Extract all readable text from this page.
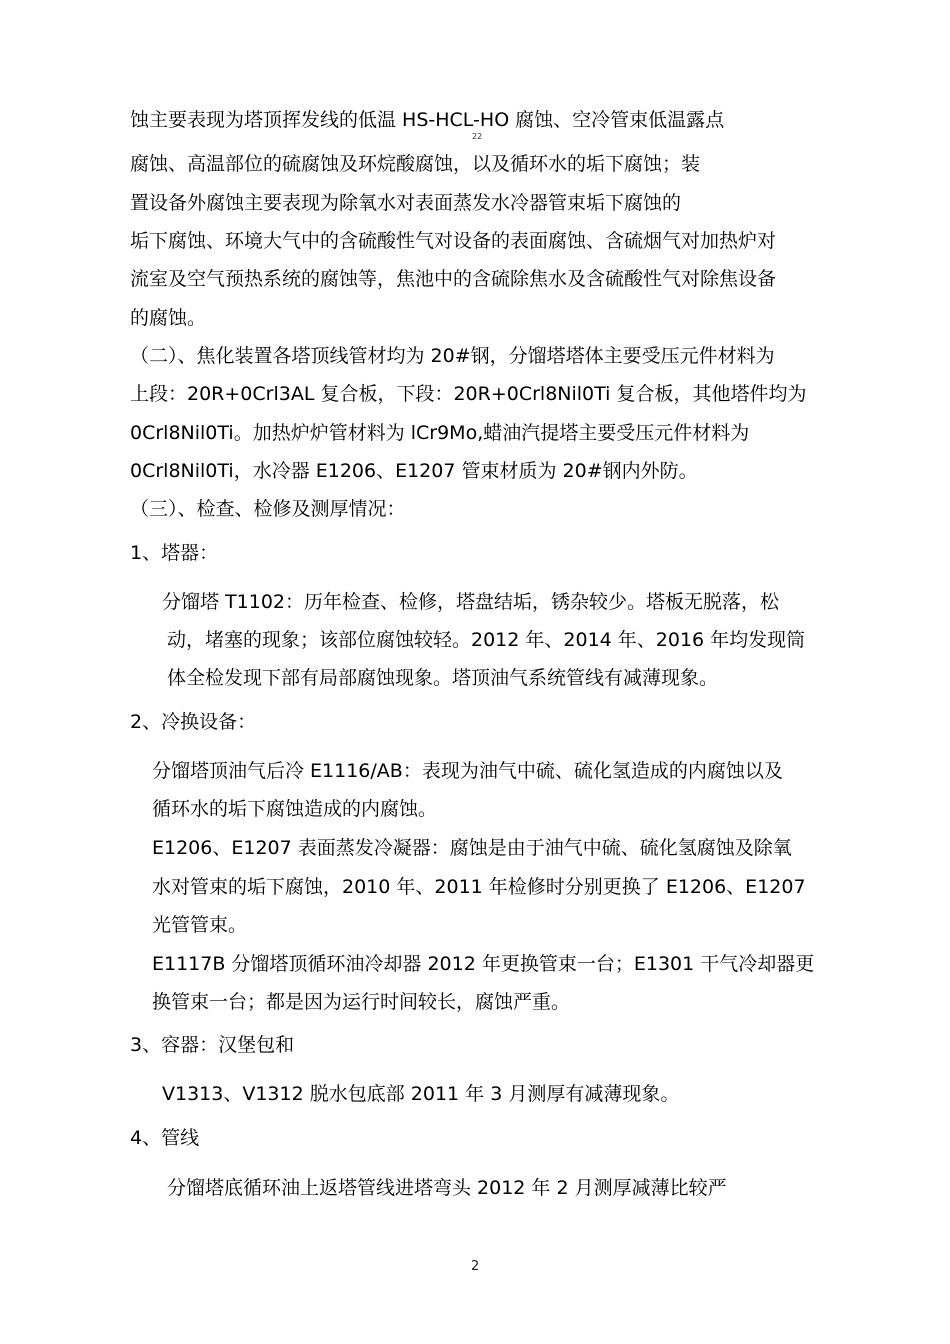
蚀主要表现为塔顶挥发线的低温 HS-HCL-HO 腐蚀、空冷管束低温露点
22
腐蚀、高温部位的硫腐蚀及环烷酸腐蚀，以及循环水的垢下腐蚀；装
置设备外腐蚀主要表现为除氧水对表面蒸发水冷器管束垢下腐蚀的
垢下腐蚀、环境大气中的含硫酸性气对设备的表面腐蚀、含硫烟气对加热炉对
流室及空气预热系统的腐蚀等，焦池中的含硫除焦水及含硫酸性气对除焦设备
的腐蚀。
（二）、焦化装置各塔顶线管材均为 20#钢，分馏塔塔体主要受压元件材料为
上段：20R+0Crl3AL 复合板，下段：20R+0Crl8Nil0Ti 复合板，其他塔件均为
0Crl8Nil0Ti。加热炉炉管材料为 lCr9Mo,蜡油汽提塔主要受压元件材料为
0Crl8Nil0Ti，水冷器 E1206、E1207 管束材质为 20#钢内外防。
（三）、检查、检修及测厚情况：
1、塔器：
分馏塔 T1102：历年检查、检修，塔盘结垢，锈杂较少。塔板无脱落，松
动，堵塞的现象；该部位腐蚀较轻。2012 年、2014 年、2016 年均发现筒
体全检发现下部有局部腐蚀现象。塔顶油气系统管线有减薄现象。
2、冷换设备：
分馏塔顶油气后冷 E1116/AB：表现为油气中硫、硫化氢造成的内腐蚀以及
循环水的垢下腐蚀造成的内腐蚀。
E1206、E1207 表面蒸发冷凝器：腐蚀是由于油气中硫、硫化氢腐蚀及除氧
水对管束的垢下腐蚀，2010 年、2011 年检修时分别更换了 E1206、E1207
光管管束。
E1117B 分馏塔顶循环油冷却器 2012 年更换管束一台；E1301 干气冷却器更
换管束一台；都是因为运行时间较长，腐蚀严重。
3、容器：汉堡包和
V1313、V1312 脱水包底部 2011 年 3 月测厚有减薄现象。
4、管线
分馏塔底循环油上返塔管线进塔弯头 2012 年 2 月测厚减薄比较严
2
